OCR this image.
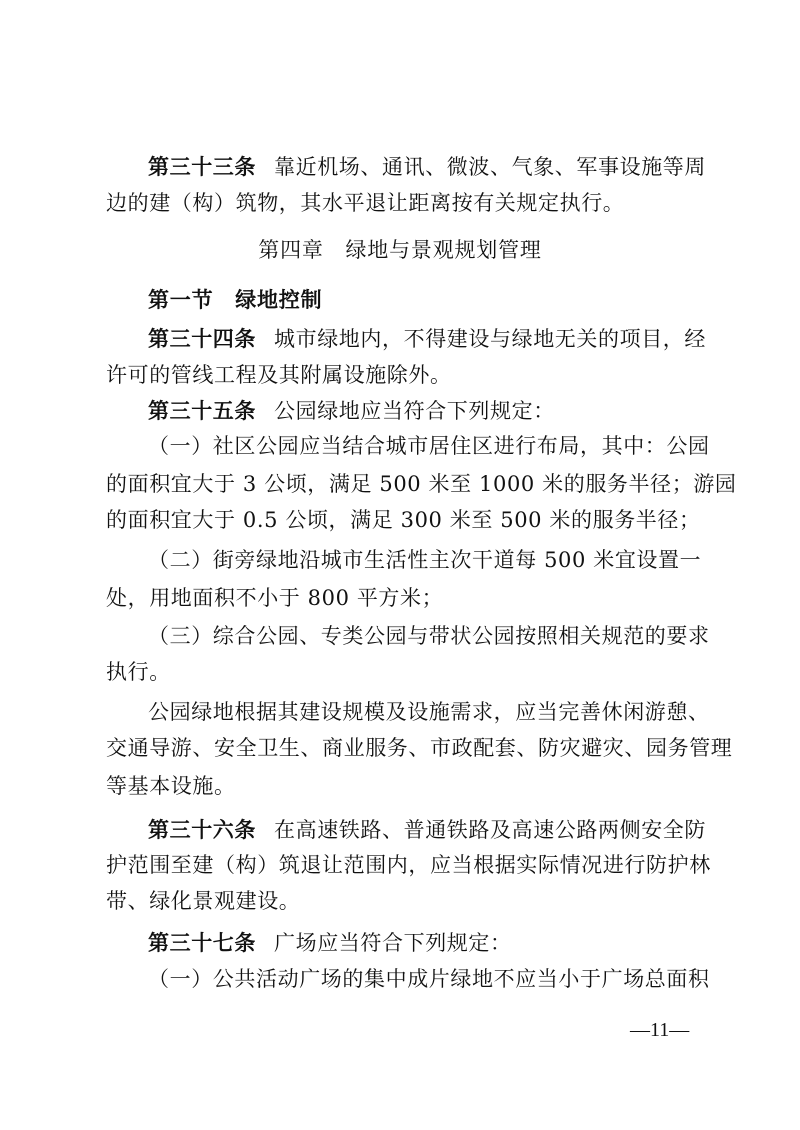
第三十三条 靠近机场、通讯、微波、气象、军事设施等周
边的建（构）筑物，其水平退让距离按有关规定执行。
第四章　绿地与景观规划管理
第一节　绿地控制
第三十四条 城市绿地内，不得建设与绿地无关的项目，经
许可的管线工程及其附属设施除外。
第三十五条 公园绿地应当符合下列规定：
（一）社区公园应当结合城市居住区进行布局，其中：公园
的面积宜大于 3 公顷，满足 500 米至 1000 米的服务半径；游园
的面积宜大于 0.5 公顷，满足 300 米至 500 米的服务半径；
（二）街旁绿地沿城市生活性主次干道每 500 米宜设置一
处，用地面积不小于 800 平方米；
（三）综合公园、专类公园与带状公园按照相关规范的要求
执行。
公园绿地根据其建设规模及设施需求，应当完善休闲游憩、
交通导游、安全卫生、商业服务、市政配套、防灾避灾、园务管理
等基本设施。
第三十六条 在高速铁路、普通铁路及高速公路两侧安全防
护范围至建（构）筑退让范围内，应当根据实际情况进行防护林
带、绿化景观建设。
第三十七条 广场应当符合下列规定：
（一）公共活动广场的集中成片绿地不应当小于广场总面积
—11—
